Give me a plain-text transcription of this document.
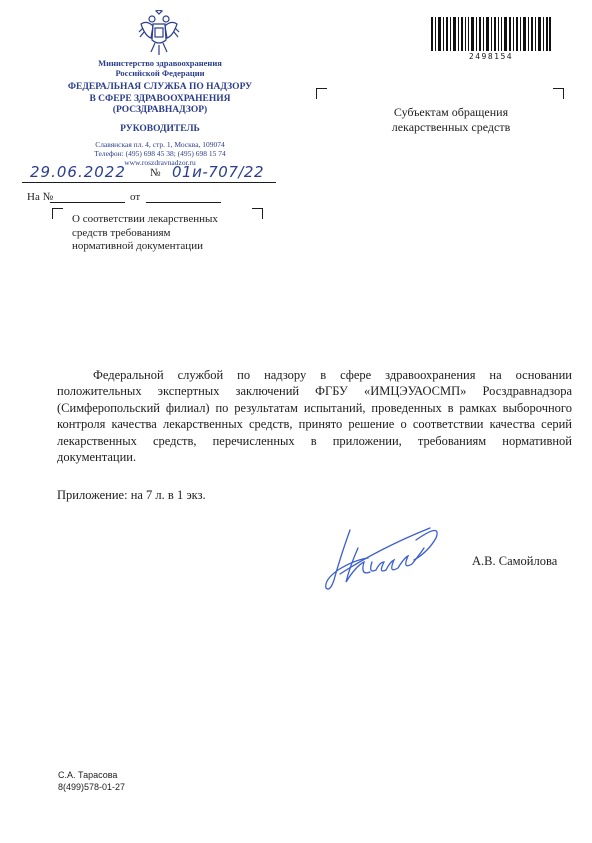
Министерство здравоохранения
Российской Федерации
ФЕДЕРАЛЬНАЯ СЛУЖБА ПО НАДЗОРУ
В СФЕРЕ ЗДРАВООХРАНЕНИЯ
(РОСЗДРАВНАДЗОР)
РУКОВОДИТЕЛЬ
Славянская пл. 4, стр. 1, Москва, 109074
Телефон: (495) 698 45 38; (495) 698 15 74
www.roszdravnadzor.ru
29.06.2022 № 01и-707/22
На №	от
О соответствии лекарственных
средств требованиям
нормативной документации
2498154
Субъектам обращения
лекарственных средств
Федеральной службой по надзору в сфере здравоохранения на основании положительных экспертных заключений ФГБУ «ИМЦЭУАОСМП» Росздравнадзора (Симферопольский филиал) по результатам испытаний, проведенных в рамках выборочного контроля качества лекарственных средств, принято решение о соответствии качества серий лекарственных средств, перечисленных в приложении, требованиям нормативной документации.
Приложение: на 7 л. в 1 экз.
А.В. Самойлова
С.А. Тарасова
8(499)578-01-27
